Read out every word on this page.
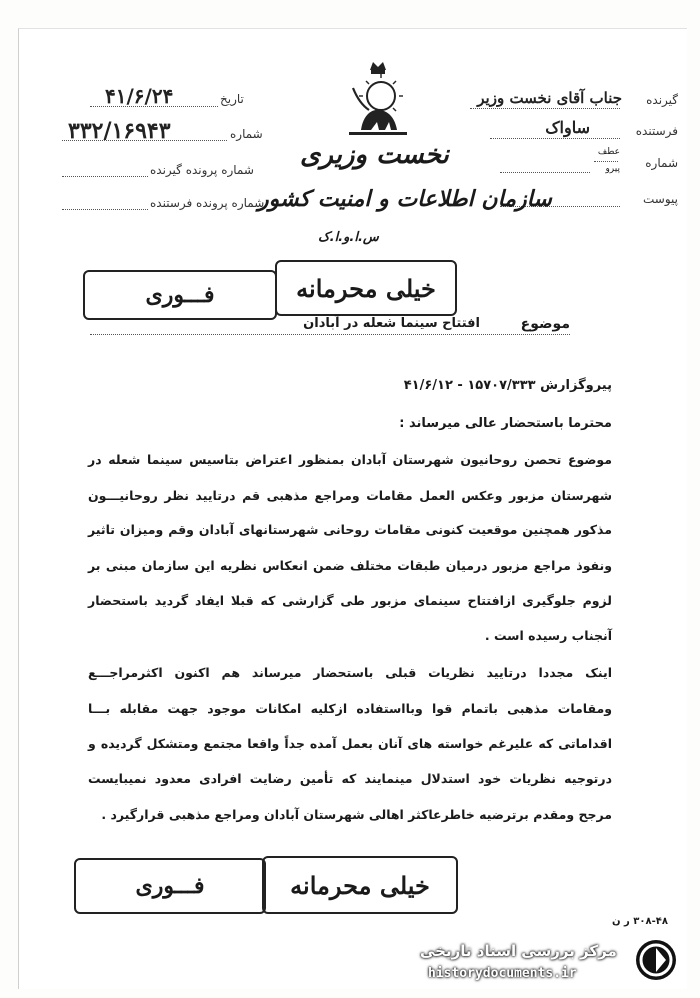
گیرنده
جناب آقای نخست وزیر
فرستنده
ساواک
شماره
عطف
پیرو
پیوست
نخست وزیری
سازمان اطلاعات و امنیت کشور
س.ا.و.ا.ک
تاریخ
۴۱/۶/۲۴
شماره
۳۳۲/۱۶۹۴۳
شماره پرونده گیرنده
شماره پرونده فرستنده
خیلی محرمانه
فـــوری
موضوع
افتتاح سینما شعله در آبادان
پیروگزارش ۱۵۷۰۷/۳۳۳ - ۴۱/۶/۱۲
محترما باستحضار عالی میرساند :
موضوع تحصن روحانیون شهرستان آبادان بمنظور اعتراض بتاسیس سینما شعله در
شهرستان مزبور وعکس العمل مقامات ومراجع مذهبی قم درتایید نظر روحانیـــون
مذکور همچنین موقعیت کنونی مقامات روحانی شهرستانهای آبادان وقم ومیزان تاثیر
ونفوذ مراجع مزبور درمیان طبقات مختلف ضمن انعکاس نظریه این سازمان مبنی بر
لزوم جلوگیری ازافتتاح سینمای مزبور طی گزارشی که قبلا ایفاد گردید باستحضار
آنجناب رسیده است .
اینک مجددا درتایید نظریات قبلی باستحضار میرساند هم اکنون اکثرمراجـــع
ومقامات مذهبی باتمام قوا وبااستفاده ازکلیه امکانات موجود جهت مقابله بـــا
اقداماتی که علیرغم خواسته های آنان بعمل آمده جداً واقعا مجتمع ومتشکل گردیده و
درتوجیه نظریات خود استدلال مینمایند که تأمین رضایت افرادی معدود نمیبایست
مرجح ومقدم برترضیه خاطرعاکثر اهالی شهرستان آبادان ومراجع مذهبی قرارگیرد .
خیلی محرمانه
فـــوری
۳۰۸-۴۸ ر ن
مرکز بررسی اسناد تاریخی
historydocuments.ir
